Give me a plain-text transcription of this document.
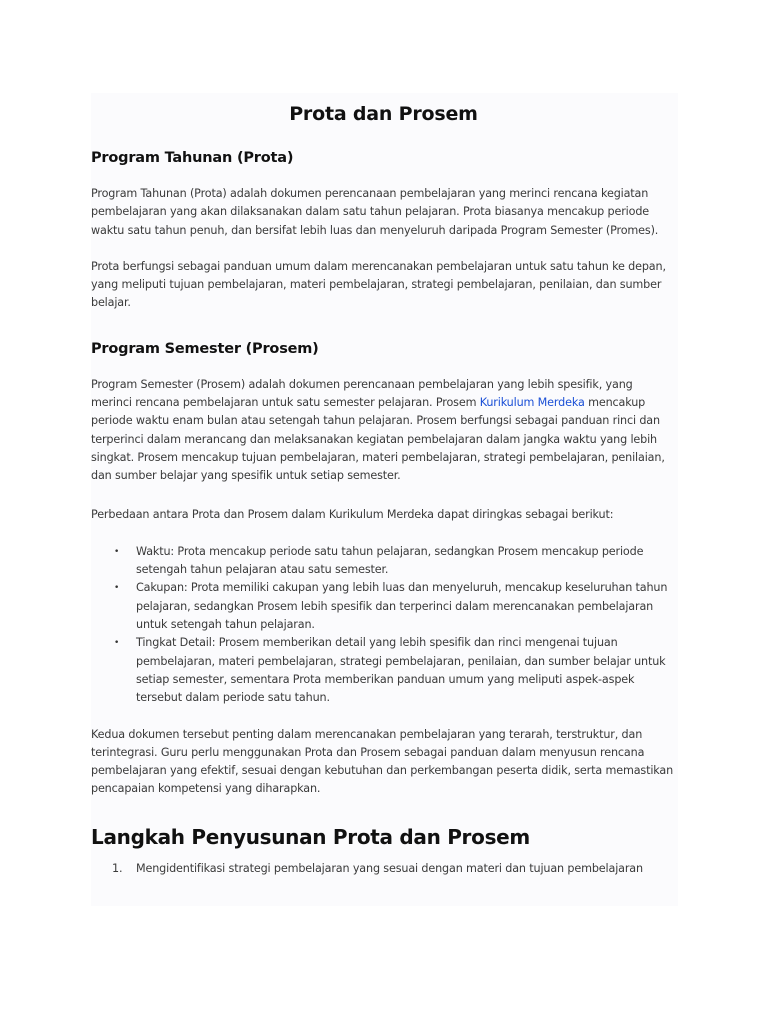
Prota dan Prosem
Program Tahunan (Prota)

Program Tahunan (Prota) adalah dokumen perencanaan pembelajaran yang merinci rencana kegiatan pembelajaran yang akan dilaksanakan dalam satu tahun pelajaran. Prota biasanya mencakup periode waktu satu tahun penuh, dan bersifat lebih luas dan menyeluruh daripada Program Semester (Promes).

Prota berfungsi sebagai panduan umum dalam merencanakan pembelajaran untuk satu tahun ke depan, yang meliputi tujuan pembelajaran, materi pembelajaran, strategi pembelajaran, penilaian, dan sumber belajar.

Program Semester (Prosem)

Program Semester (Prosem) adalah dokumen perencanaan pembelajaran yang lebih spesifik, yang merinci rencana pembelajaran untuk satu semester pelajaran. Prosem Kurikulum Merdeka mencakup periode waktu enam bulan atau setengah tahun pelajaran. Prosem berfungsi sebagai panduan rinci dan terperinci dalam merancang dan melaksanakan kegiatan pembelajaran dalam jangka waktu yang lebih singkat. Prosem mencakup tujuan pembelajaran, materi pembelajaran, strategi pembelajaran, penilaian, dan sumber belajar yang spesifik untuk setiap semester.

Perbedaan antara Prota dan Prosem dalam Kurikulum Merdeka dapat diringkas sebagai berikut:

• Waktu: Prota mencakup periode satu tahun pelajaran, sedangkan Prosem mencakup periode setengah tahun pelajaran atau satu semester.
• Cakupan: Prota memiliki cakupan yang lebih luas dan menyeluruh, mencakup keseluruhan tahun pelajaran, sedangkan Prosem lebih spesifik dan terperinci dalam merencanakan pembelajaran untuk setengah tahun pelajaran.
• Tingkat Detail: Prosem memberikan detail yang lebih spesifik dan rinci mengenai tujuan pembelajaran, materi pembelajaran, strategi pembelajaran, penilaian, dan sumber belajar untuk setiap semester, sementara Prota memberikan panduan umum yang meliputi aspek-aspek tersebut dalam periode satu tahun.

Kedua dokumen tersebut penting dalam merencanakan pembelajaran yang terarah, terstruktur, dan terintegrasi. Guru perlu menggunakan Prota dan Prosem sebagai panduan dalam menyusun rencana pembelajaran yang efektif, sesuai dengan kebutuhan dan perkembangan peserta didik, serta memastikan pencapaian kompetensi yang diharapkan.

Langkah Penyusunan Prota dan Prosem
1. Mengidentifikasi strategi pembelajaran yang sesuai dengan materi dan tujuan pembelajaran
